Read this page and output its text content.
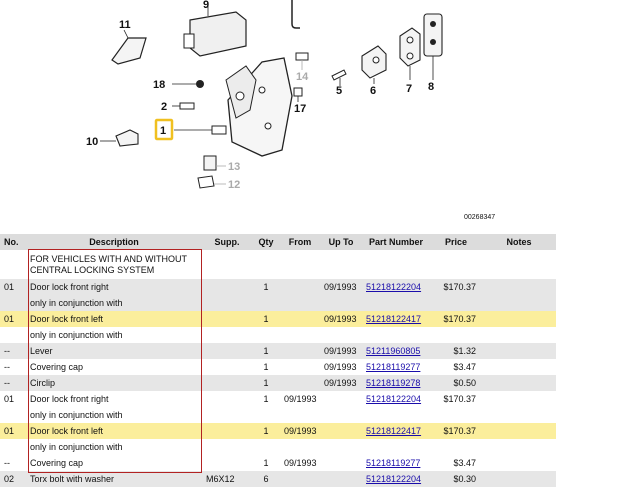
9
11
18
2
1
10
13
12
14
17
5	6	7 8
00268347
No.	Description	Supp.	Qty	From	Up To	Part Number	Price	Notes
	FOR VEHICLES WITH AND WITHOUT CENTRAL LOCKING SYSTEM							
01	Door lock front right		1		09/1993	51218122204	$170.37	
	only in conjunction with							
01	Door lock front left		1		09/1993	51218122417	$170.37	
	only in conjunction with							
--	Lever		1		09/1993	51211960805	$1.32	
--	Covering cap		1		09/1993	51218119277	$3.47	
--	Circlip		1		09/1993	51218119278	$0.50	
01	Door lock front right		1	09/1993		51218122204	$170.37	
	only in conjunction with							
01	Door lock front left		1	09/1993		51218122417	$170.37	
	only in conjunction with							
--	Covering cap		1	09/1993		51218119277	$3.47	
02	Torx bolt with washer	M6X12	6			51218122204	$0.30	
